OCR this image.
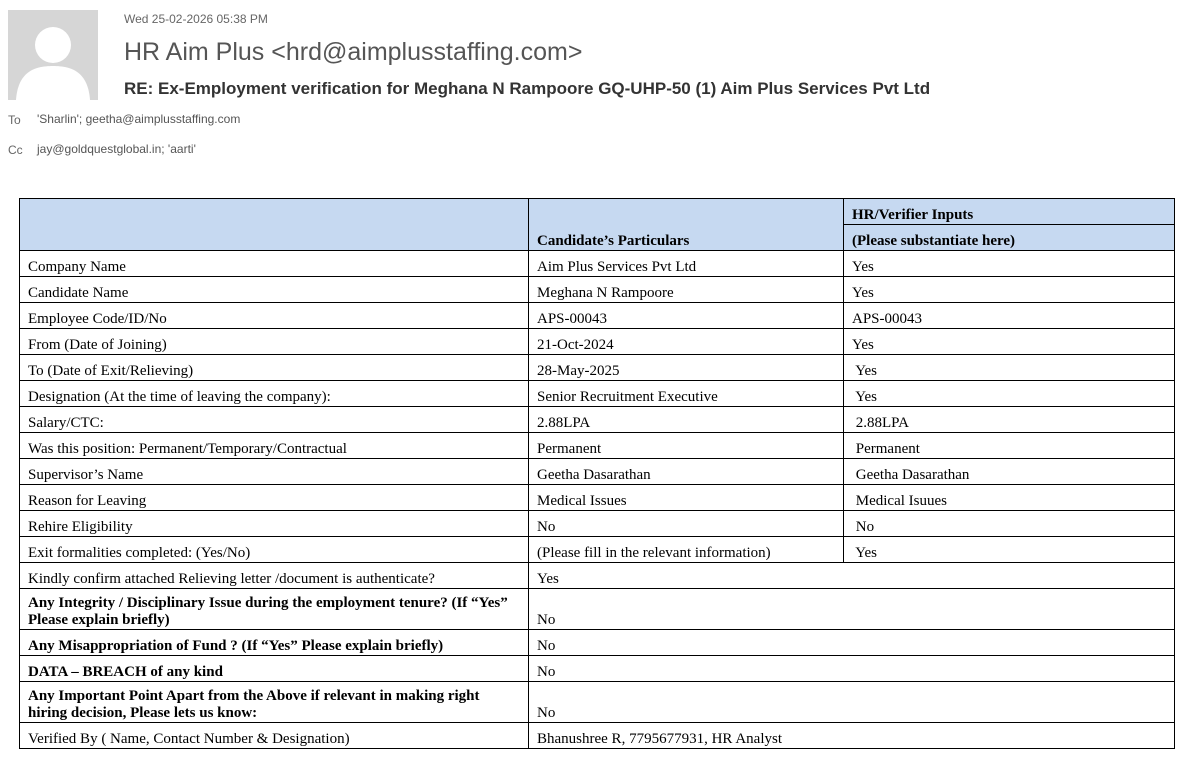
Wed 25-02-2026 05:38 PM
HR Aim Plus <hrd@aimplusstaffing.com>
RE: Ex-Employment verification for Meghana N Rampoore GQ-UHP-50 (1) Aim Plus Services Pvt Ltd
To 'Sharlin'; geetha@aimplusstaffing.com
Cc jay@goldquestglobal.in; 'aarti'
	Candidate’s Particulars	HR/Verifier Inputs
		(Please substantiate here)
Company Name	Aim Plus Services Pvt Ltd	Yes
Candidate Name	Meghana N Rampoore	Yes
Employee Code/ID/No	APS-00043	APS-00043
From (Date of Joining)	21-Oct-2024	Yes
To (Date of Exit/Relieving)	28-May-2025	Yes
Designation (At the time of leaving the company):	Senior Recruitment Executive	Yes
Salary/CTC:	2.88LPA	2.88LPA
Was this position: Permanent/Temporary/Contractual	Permanent	Permanent
Supervisor’s Name	Geetha Dasarathan	Geetha Dasarathan
Reason for Leaving	Medical Issues	Medical Isuues
Rehire Eligibility	No	No
Exit formalities completed: (Yes/No)	(Please fill in the relevant information)	Yes
Kindly confirm attached Relieving letter /document is authenticate?	Yes	
Any Integrity / Disciplinary Issue during the employment tenure? (If “Yes” Please explain briefly)	No	
Any Misappropriation of Fund ? (If “Yes” Please explain briefly)	No	
DATA – BREACH of any kind	No	
Any Important Point Apart from the Above if relevant in making right hiring decision, Please lets us know:	No	
Verified By ( Name, Contact Number & Designation)	Bhanushree R, 7795677931, HR Analyst	
